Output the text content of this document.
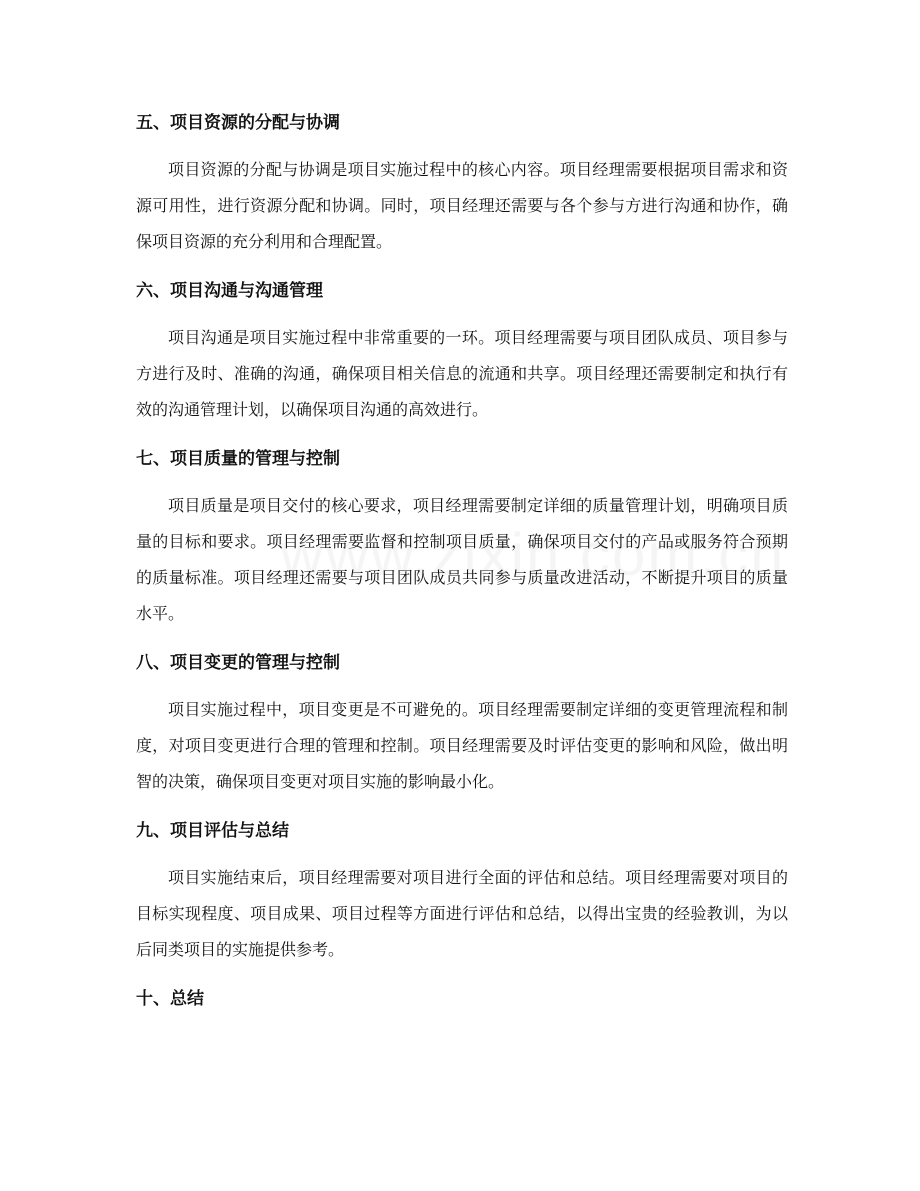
五、项目资源的分配与协调

项目资源的分配与协调是项目实施过程中的核心内容。项目经理需要根据项目需求和资源可用性，进行资源分配和协调。同时，项目经理还需要与各个参与方进行沟通和协作，确保项目资源的充分利用和合理配置。

六、项目沟通与沟通管理

项目沟通是项目实施过程中非常重要的一环。项目经理需要与项目团队成员、项目参与方进行及时、准确的沟通，确保项目相关信息的流通和共享。项目经理还需要制定和执行有效的沟通管理计划，以确保项目沟通的高效进行。

七、项目质量的管理与控制

项目质量是项目交付的核心要求，项目经理需要制定详细的质量管理计划，明确项目质量的目标和要求。项目经理需要监督和控制项目质量，确保项目交付的产品或服务符合预期的质量标准。项目经理还需要与项目团队成员共同参与质量改进活动，不断提升项目的质量水平。

八、项目变更的管理与控制

项目实施过程中，项目变更是不可避免的。项目经理需要制定详细的变更管理流程和制度，对项目变更进行合理的管理和控制。项目经理需要及时评估变更的影响和风险，做出明智的决策，确保项目变更对项目实施的影响最小化。

九、项目评估与总结

项目实施结束后，项目经理需要对项目进行全面的评估和总结。项目经理需要对项目的目标实现程度、项目成果、项目过程等方面进行评估和总结，以得出宝贵的经验教训，为以后同类项目的实施提供参考。

十、总结
